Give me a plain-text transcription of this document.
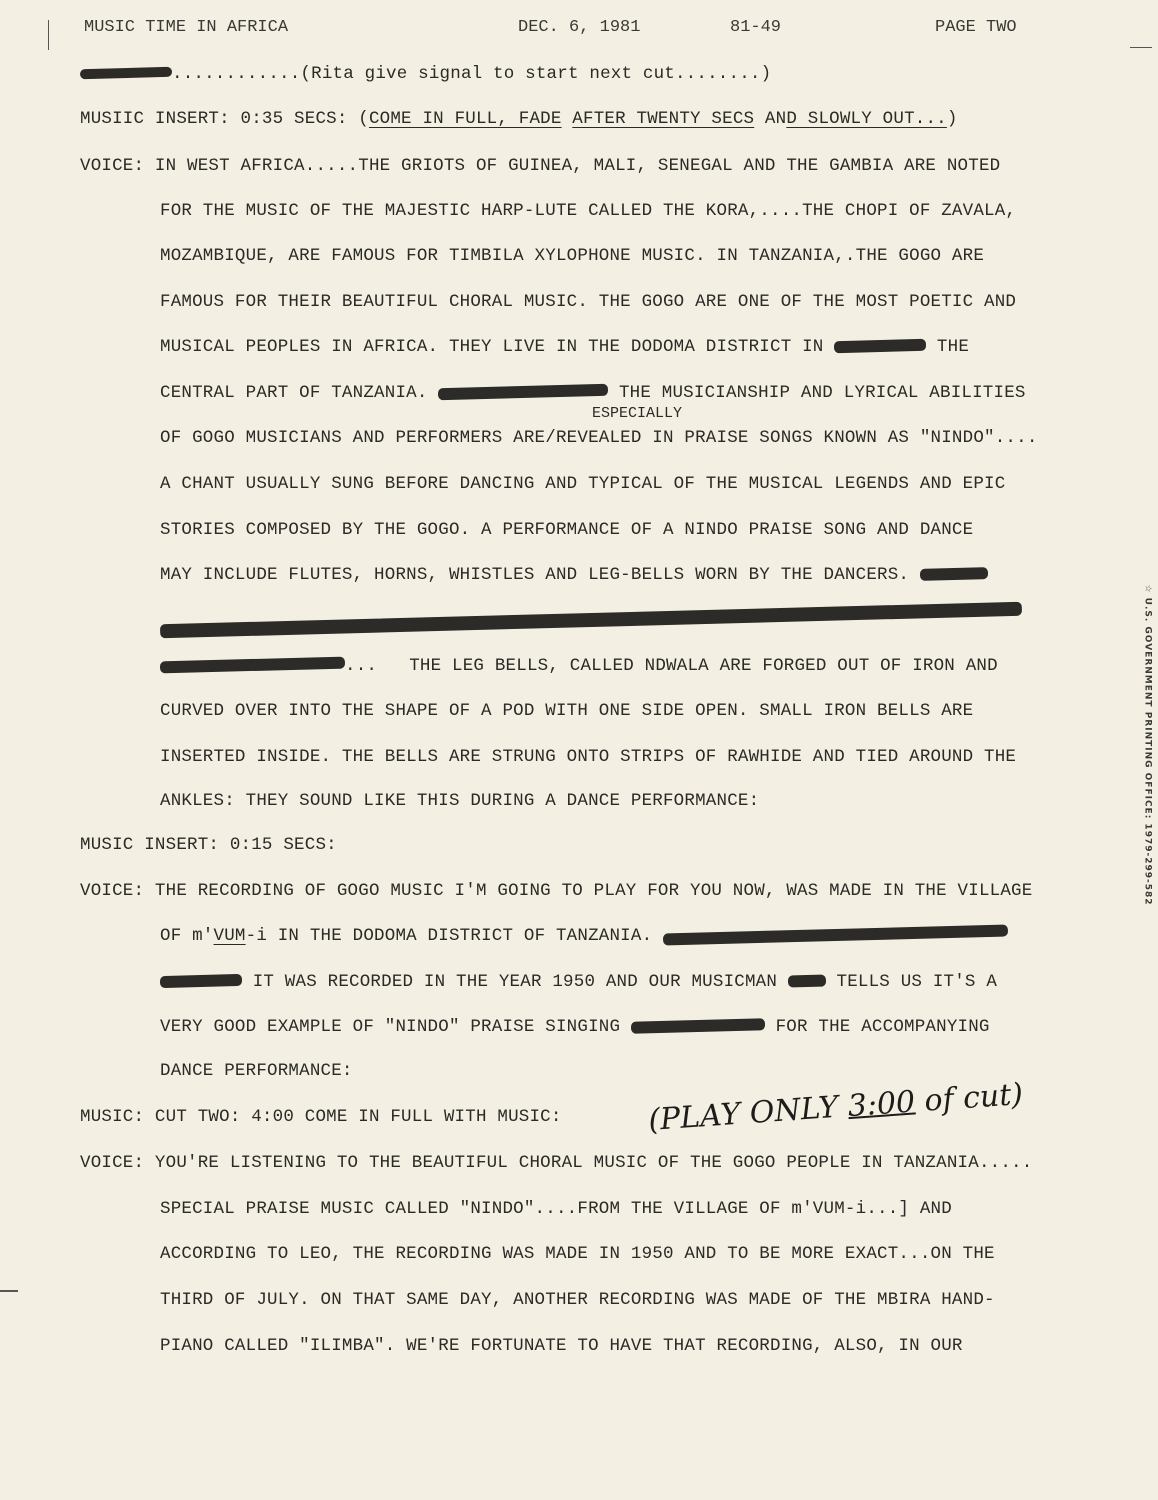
MUSIC TIME IN AFRICA	DEC. 6, 1981	81-49	PAGE TWO
............(Rita give signal to start next cut........)
MUSIIC INSERT: 0:35 SECS: (COME IN FULL, FADE AFTER TWENTY SECS AND SLOWLY OUT...)
VOICE: IN WEST AFRICA.....THE GRIOTS OF GUINEA, MALI, SENEGAL AND THE GAMBIA ARE NOTED
FOR THE MUSIC OF THE MAJESTIC HARP-LUTE CALLED THE KORA,....THE CHOPI OF ZAVALA,
MOZAMBIQUE, ARE FAMOUS FOR TIMBILA XYLOPHONE MUSIC. IN TANZANIA,.THE GOGO ARE
FAMOUS FOR THEIR BEAUTIFUL CHORAL MUSIC. THE GOGO ARE ONE OF THE MOST POETIC AND
MUSICAL PEOPLES IN AFRICA. THEY LIVE IN THE DODOMA DISTRICT IN	THE
CENTRAL PART OF TANZANIA.	THE MUSICIANSHIP AND LYRICAL ABILITIES
ESPECIALLY
OF GOGO MUSICIANS AND PERFORMERS ARE/REVEALED IN PRAISE SONGS KNOWN AS "NINDO"....
A CHANT USUALLY SUNG BEFORE DANCING AND TYPICAL OF THE MUSICAL LEGENDS AND EPIC
STORIES COMPOSED BY THE GOGO. A PERFORMANCE OF A NINDO PRAISE SONG AND DANCE
MAY INCLUDE FLUTES, HORNS, WHISTLES AND LEG-BELLS WORN BY THE DANCERS.
... THE LEG BELLS, CALLED NDWALA ARE FORGED OUT OF IRON AND
CURVED OVER INTO THE SHAPE OF A POD WITH ONE SIDE OPEN. SMALL IRON BELLS ARE
INSERTED INSIDE. THE BELLS ARE STRUNG ONTO STRIPS OF RAWHIDE AND TIED AROUND THE
ANKLES: THEY SOUND LIKE THIS DURING A DANCE PERFORMANCE:
MUSIC INSERT: 0:15 SECS:
VOICE: THE RECORDING OF GOGO MUSIC I'M GOING TO PLAY FOR YOU NOW, WAS MADE IN THE VILLAGE
OF m'VUM-i IN THE DODOMA DISTRICT OF TANZANIA.
IT WAS RECORDED IN THE YEAR 1950 AND OUR MUSICMAN	TELLS US IT'S A
VERY GOOD EXAMPLE OF "NINDO" PRAISE SINGING	FOR THE ACCOMPANYING
DANCE PERFORMANCE:
MUSIC: CUT TWO: 4:00 COME IN FULL WITH MUSIC:	(PLAY ONLY 3:00 of cut)
VOICE: YOU'RE LISTENING TO THE BEAUTIFUL CHORAL MUSIC OF THE GOGO PEOPLE IN TANZANIA.....
SPECIAL PRAISE MUSIC CALLED "NINDO"....FROM THE VILLAGE OF m'VUM-i...] AND
ACCORDING TO LEO, THE RECORDING WAS MADE IN 1950 AND TO BE MORE EXACT...ON THE
THIRD OF JULY. ON THAT SAME DAY, ANOTHER RECORDING WAS MADE OF THE MBIRA HAND-
PIANO CALLED "ILIMBA". WE'RE FORTUNATE TO HAVE THAT RECORDING, ALSO, IN OUR
☆ U.S. GOVERNMENT PRINTING OFFICE: 1979-299-582
